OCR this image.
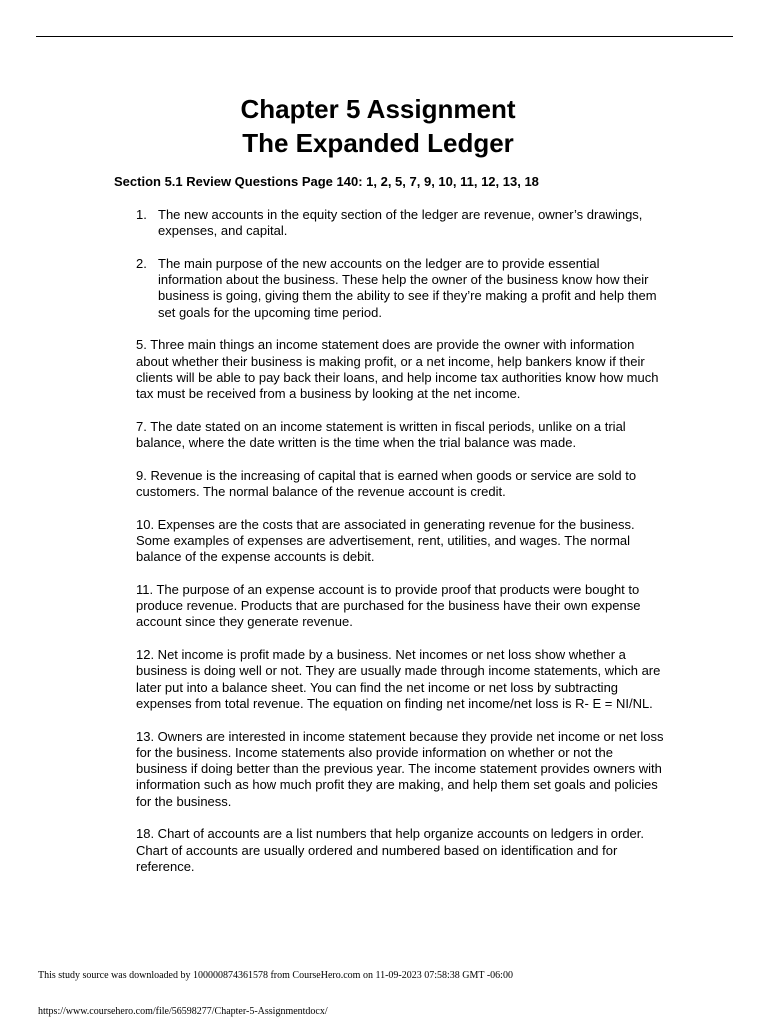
Chapter 5 Assignment
The Expanded Ledger
Section 5.1 Review Questions Page 140: 1, 2, 5, 7, 9, 10, 11, 12, 13, 18

1. The new accounts in the equity section of the ledger are revenue, owner’s drawings, expenses, and capital.

2. The main purpose of the new accounts on the ledger are to provide essential information about the business. These help the owner of the business know how their business is going, giving them the ability to see if they’re making a profit and help them set goals for the upcoming time period.

5. Three main things an income statement does are provide the owner with information about whether their business is making profit, or a net income, help bankers know if their clients will be able to pay back their loans, and help income tax authorities know how much tax must be received from a business by looking at the net income.

7. The date stated on an income statement is written in fiscal periods, unlike on a trial balance, where the date written is the time when the trial balance was made.

9. Revenue is the increasing of capital that is earned when goods or service are sold to customers. The normal balance of the revenue account is credit.

10. Expenses are the costs that are associated in generating revenue for the business. Some examples of expenses are advertisement, rent, utilities, and wages. The normal balance of the expense accounts is debit.

11. The purpose of an expense account is to provide proof that products were bought to produce revenue. Products that are purchased for the business have their own expense account since they generate revenue.

12. Net income is profit made by a business. Net incomes or net loss show whether a business is doing well or not. They are usually made through income statements, which are later put into a balance sheet. You can find the net income or net loss by subtracting expenses from total revenue. The equation on finding net income/net loss is R- E = NI/NL.

13. Owners are interested in income statement because they provide net income or net loss for the business. Income statements also provide information on whether or not the business if doing better than the previous year. The income statement provides owners with information such as how much profit they are making, and help them set goals and policies for the business.

18. Chart of accounts are a list numbers that help organize accounts on ledgers in order. Chart of accounts are usually ordered and numbered based on identification and for reference.

This study source was downloaded by 100000874361578 from CourseHero.com on 11-09-2023 07:58:38 GMT -06:00
https://www.coursehero.com/file/56598277/Chapter-5-Assignmentdocx/
